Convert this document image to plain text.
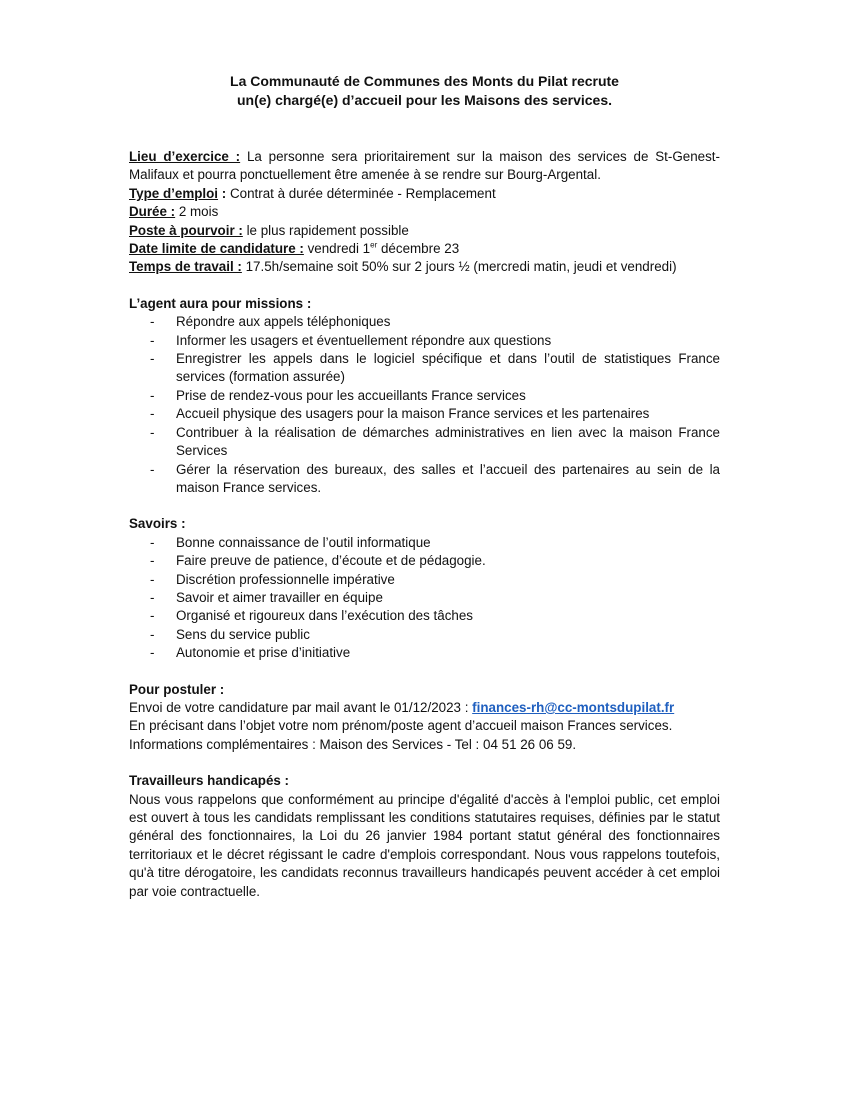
La Communauté de Communes des Monts du Pilat recrute
un(e) chargé(e) d’accueil pour les Maisons des services.

Lieu d’exercice : La personne sera prioritairement sur la maison des services de St-Genest-Malifaux et pourra ponctuellement être amenée à se rendre sur Bourg-Argental.

Type d’emploi : Contrat à durée déterminée - Remplacement

Durée : 2 mois

Poste à pourvoir : le plus rapidement possible

Date limite de candidature : vendredi 1er décembre 23

Temps de travail : 17.5h/semaine soit 50% sur 2 jours ½ (mercredi matin, jeudi et vendredi)

L’agent aura pour missions :

- Répondre aux appels téléphoniques
- Informer les usagers et éventuellement répondre aux questions
- Enregistrer les appels dans le logiciel spécifique et dans l’outil de statistiques France services (formation assurée)
- Prise de rendez-vous pour les accueillants France services
- Accueil physique des usagers pour la maison France services et les partenaires
- Contribuer à la réalisation de démarches administratives en lien avec la maison France Services
- Gérer la réservation des bureaux, des salles et l’accueil des partenaires au sein de la maison France services.

Savoirs :

- Bonne connaissance de l’outil informatique
- Faire preuve de patience, d’écoute et de pédagogie.
- Discrétion professionnelle impérative
- Savoir et aimer travailler en équipe
- Organisé et rigoureux dans l’exécution des tâches
- Sens du service public
- Autonomie et prise d’initiative

Pour postuler :

Envoi de votre candidature par mail avant le 01/12/2023 : finances-rh@cc-montsdupilat.fr

En précisant dans l’objet votre nom prénom/poste agent d’accueil maison Frances services.

Informations complémentaires : Maison des Services - Tel : 04 51 26 06 59.

Travailleurs handicapés :

Nous vous rappelons que conformément au principe d'égalité d'accès à l'emploi public, cet emploi est ouvert à tous les candidats remplissant les conditions statutaires requises, définies par le statut général des fonctionnaires, la Loi du 26 janvier 1984 portant statut général des fonctionnaires territoriaux et le décret régissant le cadre d'emplois correspondant. Nous vous rappelons toutefois, qu'à titre dérogatoire, les candidats reconnus travailleurs handicapés peuvent accéder à cet emploi par voie contractuelle.
